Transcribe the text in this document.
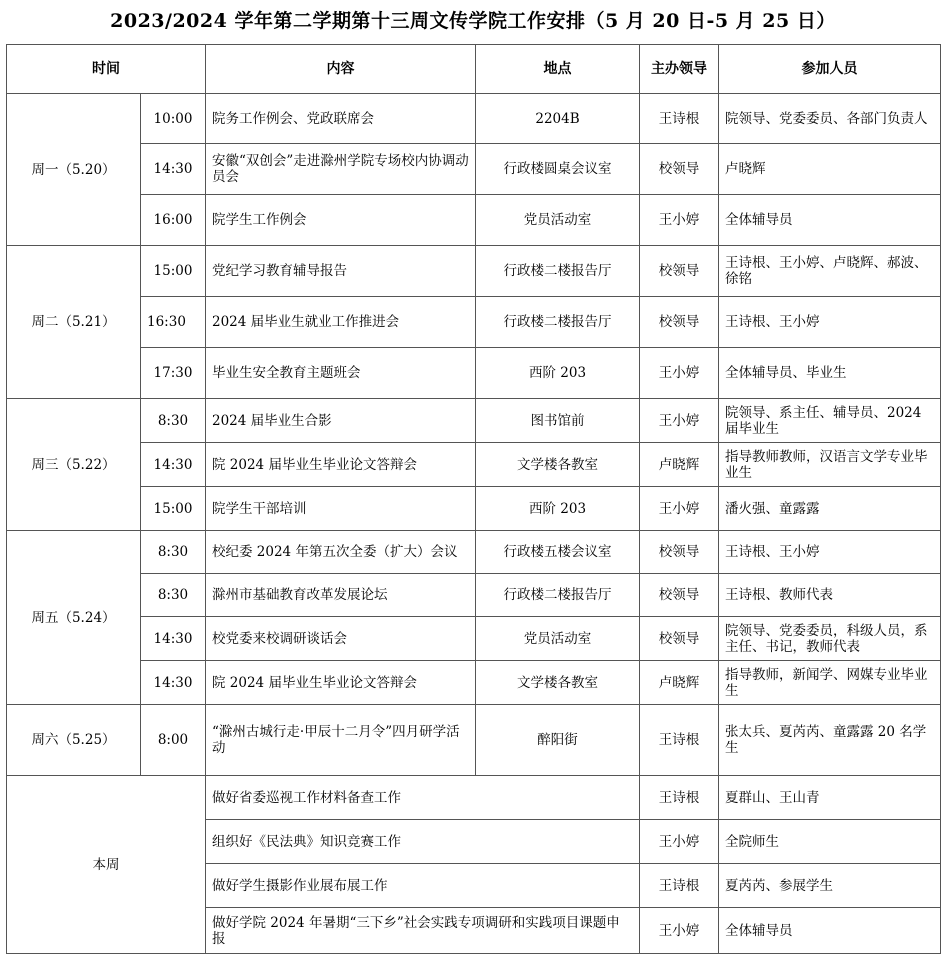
2023/2024 学年第二学期第十三周文传学院工作安排（5 月 20 日-5 月 25 日）
时间		内容	地点	主办领导	参加人员
周一（5.20）	10:00	院务工作例会、党政联席会	2204B	王诗根	院领导、党委委员、各部门负责人
	14:30	安徽“双创会”走进滁州学院专场校内协调动员会	行政楼圆桌会议室	校领导	卢晓辉
	16:00	院学生工作例会	党员活动室	王小婷	全体辅导员
周二（5.21）	15:00	党纪学习教育辅导报告	行政楼二楼报告厅	校领导	王诗根、王小婷、卢晓辉、郝波、徐铭
	16:30	2024 届毕业生就业工作推进会	行政楼二楼报告厅	校领导	王诗根、王小婷
	17:30	毕业生安全教育主题班会	西阶 203	王小婷	全体辅导员、毕业生
周三（5.22）	8:30	2024 届毕业生合影	图书馆前	王小婷	院领导、系主任、辅导员、2024 届毕业生
	14:30	院 2024 届毕业生毕业论文答辩会	文学楼各教室	卢晓辉	指导教师教师，汉语言文学专业毕业生
	15:00	院学生干部培训	西阶 203	王小婷	潘火强、童露露
周五（5.24）	8:30	校纪委 2024 年第五次全委（扩大）会议	行政楼五楼会议室	校领导	王诗根、王小婷
	8:30	滁州市基础教育改革发展论坛	行政楼二楼报告厅	校领导	王诗根、教师代表
	14:30	校党委来校调研谈话会	党员活动室	校领导	院领导、党委委员，科级人员，系主任、书记，教师代表
	14:30	院 2024 届毕业生毕业论文答辩会	文学楼各教室	卢晓辉	指导教师，新闻学、网媒专业毕业生
周六（5.25）	8:00	“滁州古城行走·甲辰十二月令”四月研学活动	醉阳街	王诗根	张太兵、夏芮芮、童露露 20 名学生
本周		做好省委巡视工作材料备查工作		王诗根	夏群山、王山青
		组织好《民法典》知识竞赛工作		王小婷	全院师生
		做好学生摄影作业展布展工作		王诗根	夏芮芮、参展学生
		做好学院 2024 年暑期“三下乡”社会实践专项调研和实践项目课题申报		王小婷	全体辅导员
